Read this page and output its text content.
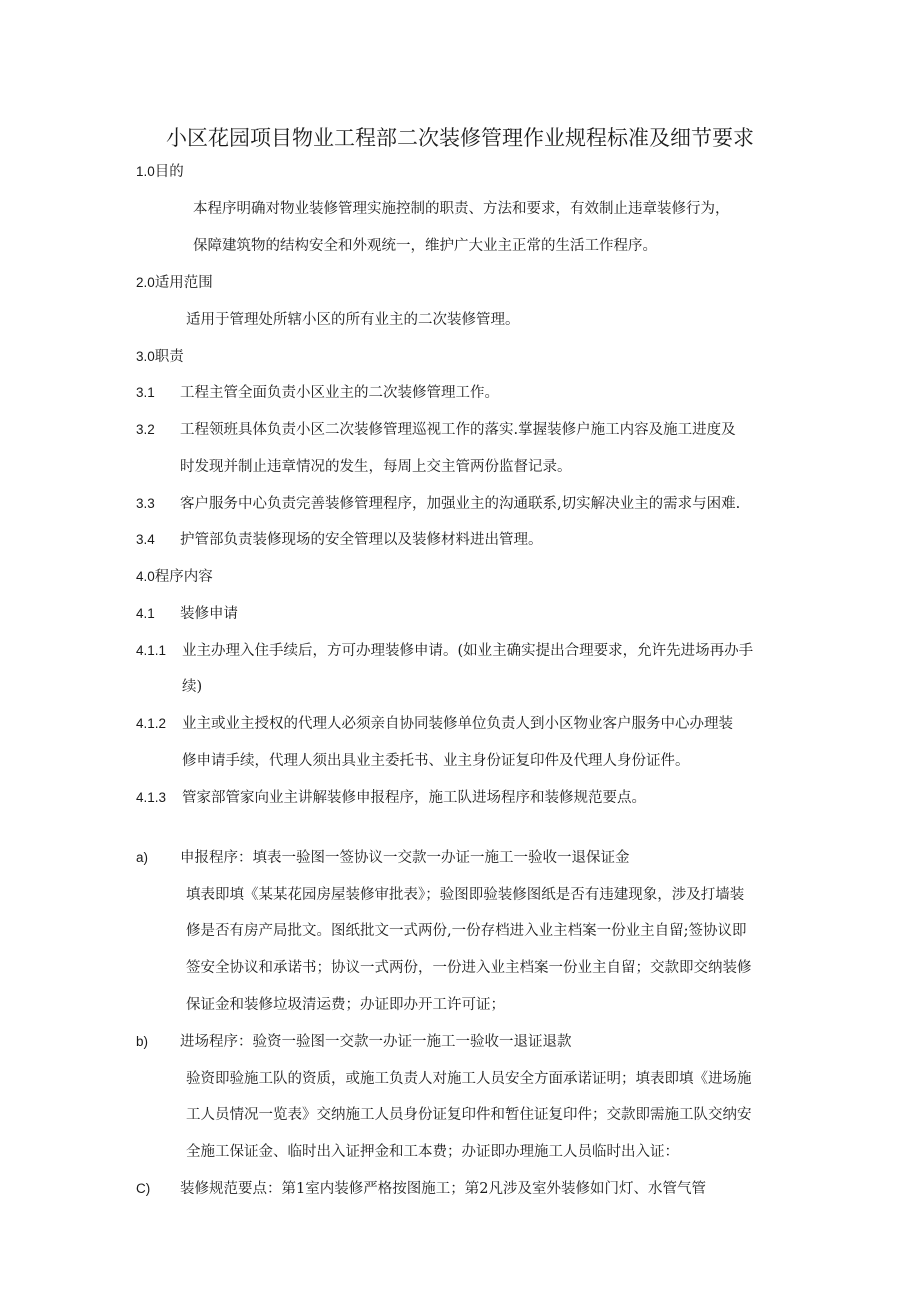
小区花园项目物业工程部二次装修管理作业规程标准及细节要求
1.0目的
本程序明确对物业装修管理实施控制的职责、方法和要求，有效制止违章装修行为，
保障建筑物的结构安全和外观统一，维护广大业主正常的生活工作程序。
2.0适用范围
适用于管理处所辖小区的所有业主的二次装修管理。
3.0职责
3.1 工程主管全面负责小区业主的二次装修管理工作。
3.2 工程领班具体负责小区二次装修管理巡视工作的落实.掌握装修户施工内容及施工进度及
时发现并制止违章情况的发生，每周上交主管两份监督记录。
3.3 客户服务中心负责完善装修管理程序，加强业主的沟通联系,切实解决业主的需求与困难.
3.4 护管部负责装修现场的安全管理以及装修材料进出管理。
4.0程序内容
4.1 装修申请
4.1.1 业主办理入住手续后，方可办理装修申请。(如业主确实提出合理要求，允许先进场再办手
续)
4.1.2 业主或业主授权的代理人必须亲自协同装修单位负责人到小区物业客户服务中心办理装
修申请手续，代理人须出具业主委托书、业主身份证复印件及代理人身份证件。
4.1.3 管家部管家向业主讲解装修申报程序，施工队进场程序和装修规范要点。
a) 申报程序：填表一验图一签协议一交款一办证一施工一验收一退保证金
填表即填《某某花园房屋装修审批表》；验图即验装修图纸是否有违建现象，涉及打墙装
修是否有房产局批文。图纸批文一式两份,一份存档进入业主档案一份业主自留;签协议即
签安全协议和承诺书；协议一式两份，一份进入业主档案一份业主自留；交款即交纳装修
保证金和装修垃圾清运费；办证即办开工许可证；
b) 进场程序：验资一验图一交款一办证一施工一验收一退证退款
验资即验施工队的资质，或施工负责人对施工人员安全方面承诺证明；填表即填《进场施
工人员情况一览表》交纳施工人员身份证复印件和暂住证复印件；交款即需施工队交纳安
全施工保证金、临时出入证押金和工本费；办证即办理施工人员临时出入证：
C) 装修规范要点：第1室内装修严格按图施工；第2凡涉及室外装修如门灯、水管气管
